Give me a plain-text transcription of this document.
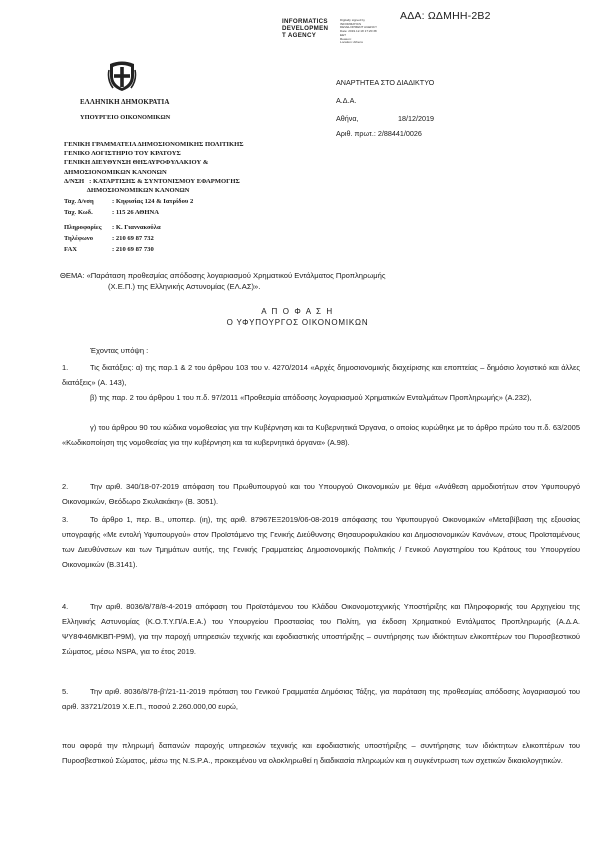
ΑΔΑ: ΩΔΜΗΗ-2Β2
INFORMATICS
DEVELOPMEN
T AGENCY
Digitally signed by
INFORMATICS
DEVELOPMENT AGENCY
Date: 2019.12.18 17:20:38
EET
Reason:
Location: Athens
ΕΛΛΗΝΙΚΗ ΔΗΜΟΚΡΑΤΙΑ
ΥΠΟΥΡΓΕΙΟ ΟΙΚΟΝΟΜΙΚΩΝ
ΑΝΑΡΤΗΤΕΑ ΣΤΟ ΔΙΑΔΙΚΤΥΟ
Α.Δ.Α.
Αθήνα,	18/12/2019
Αριθ. πρωτ.: 2/88441/0026
ΓΕΝΙΚΗ ΓΡΑΜΜΑΤΕΙΑ ΔΗΜΟΣΙΟΝΟΜΙΚΗΣ ΠΟΛΙΤΙΚΗΣ
ΓΕΝΙΚΟ ΛΟΓΙΣΤΗΡΙΟ ΤΟΥ ΚΡΑΤΟΥΣ
ΓΕΝΙΚΗ ΔΙΕΥΘΥΝΣΗ ΘΗΣΑΥΡΟΦΥΛΑΚΙΟΥ &
ΔΗΜΟΣΙΟΝΟΜΙΚΩΝ ΚΑΝΟΝΩΝ
Δ/ΝΣΗ   : ΚΑΤΑΡΤΙΣΗΣ & ΣΥΝΤΟΝΙΣΜΟΥ ΕΦΑΡΜΟΓΗΣ
ΔΗΜΟΣΙΟΝΟΜΙΚΩΝ ΚΑΝΟΝΩΝ
Ταχ. Δ/νση	: Κηφισίας 124 & Ιατρίδου 2
Ταχ. Κωδ.	: 115 26 ΑΘΗΝΑ
Πληροφορίες : Κ. Γιαννακούλα
Τηλέφωνο	: 210 69 87 732
FAX	: 210 69 87 730
ΘΕΜΑ: «Παράταση προθεσμίας απόδοσης λογαριασμού Χρηματικού Εντάλματος Προπληρωμής
(Χ.Ε.Π.) της Ελληνικής Αστυνομίας (ΕΛ.ΑΣ)».
Α Π Ο Φ Α Σ Η
Ο ΥΦΥΠΟΥΡΓΟΣ ΟΙΚΟΝΟΜΙΚΩΝ
Έχοντας υπόψη :
1.	Τις διατάξεις: α) της παρ.1 & 2 του άρθρου 103 του ν. 4270/2014 «Αρχές δημοσιονομικής διαχείρισης και εποπτείας – δημόσιο λογιστικό και άλλες διατάξεις» (Α. 143),
β) της παρ. 2 του άρθρου 1 του π.δ. 97/2011 «Προθεσμία απόδοσης λογαριασμού Χρηματικών Ενταλμάτων Προπληρωμής» (Α.232),
γ) του άρθρου 90 του κώδικα νομοθεσίας για την Κυβέρνηση και τα Κυβερνητικά Όργανα, ο οποίος κυρώθηκε με το άρθρο πρώτο του π.δ. 63/2005 «Κωδικοποίηση της νομοθεσίας για την κυβέρνηση και τα κυβερνητικά όργανα» (Α.98).
2.	Την αριθ. 340/18-07-2019 απόφαση του Πρωθυπουργού και του Υπουργού Οικονομικών με θέμα «Ανάθεση αρμοδιοτήτων στον Υφυπουργό Οικονομικών, Θεόδωρο Σκυλακάκη» (Β. 3051).
3.	Το άρθρο 1, περ. Β., υποπερ. (ιη), της αριθ. 87967ΕΞ2019/06-08-2019 απόφασης του Υφυπουργού Οικονομικών «Μεταβίβαση της εξουσίας υπογραφής «Με εντολή Υφυπουργού» στον Προϊστάμενο της Γενικής Διεύθυνσης Θησαυροφυλακίου και Δημοσιονομικών Κανόνων, στους Προϊσταμένους των Διευθύνσεων και των Τμημάτων αυτής, της Γενικής Γραμματείας Δημοσιονομικής Πολιτικής / Γενικού Λογιστηρίου του Κράτους του Υπουργείου Οικονομικών (Β.3141).
4.	Την αριθ. 8036/8/78/8-4-2019 απόφαση του Προϊστάμενου του Κλάδου Οικονομοτεχνικής Υποστήριξης και Πληροφορικής του Αρχηγείου της Ελληνικής Αστυνομίας (Κ.Ο.Τ.Υ.Π/Α.Ε.Α.) του Υπουργείου Προστασίας του Πολίτη, για έκδοση Χρηματικού Εντάλματος Προπληρωμής (Α.Δ.Α. ΨΥ8Φ46ΜΚΒΠ-Ρ9Μ), για την παροχή υπηρεσιών τεχνικής και εφοδιαστικής υποστήριξης – συντήρησης των ιδιόκτητων ελικοπτέρων του Πυροσβεστικού Σώματος, μέσω NSPA, για το έτος 2019.
5.	Την αριθ. 8036/8/78-β'/21-11-2019 πρόταση του Γενικού Γραμματέα Δημόσιας Τάξης, για παράταση της προθεσμίας απόδοσης λογαριασμού του αριθ. 33721/2019 Χ.Ε.Π., ποσού 2.260.000,00 ευρώ,
που αφορά την πληρωμή δαπανών παροχής υπηρεσιών τεχνικής και εφοδιαστικής υποστήριξης – συντήρησης των ιδιόκτητων ελικοπτέρων του Πυροσβεστικού Σώματος, μέσω της N.S.P.A., προκειμένου να ολοκληρωθεί η διαδικασία πληρωμών και η συγκέντρωση των σχετικών δικαιολογητικών.
